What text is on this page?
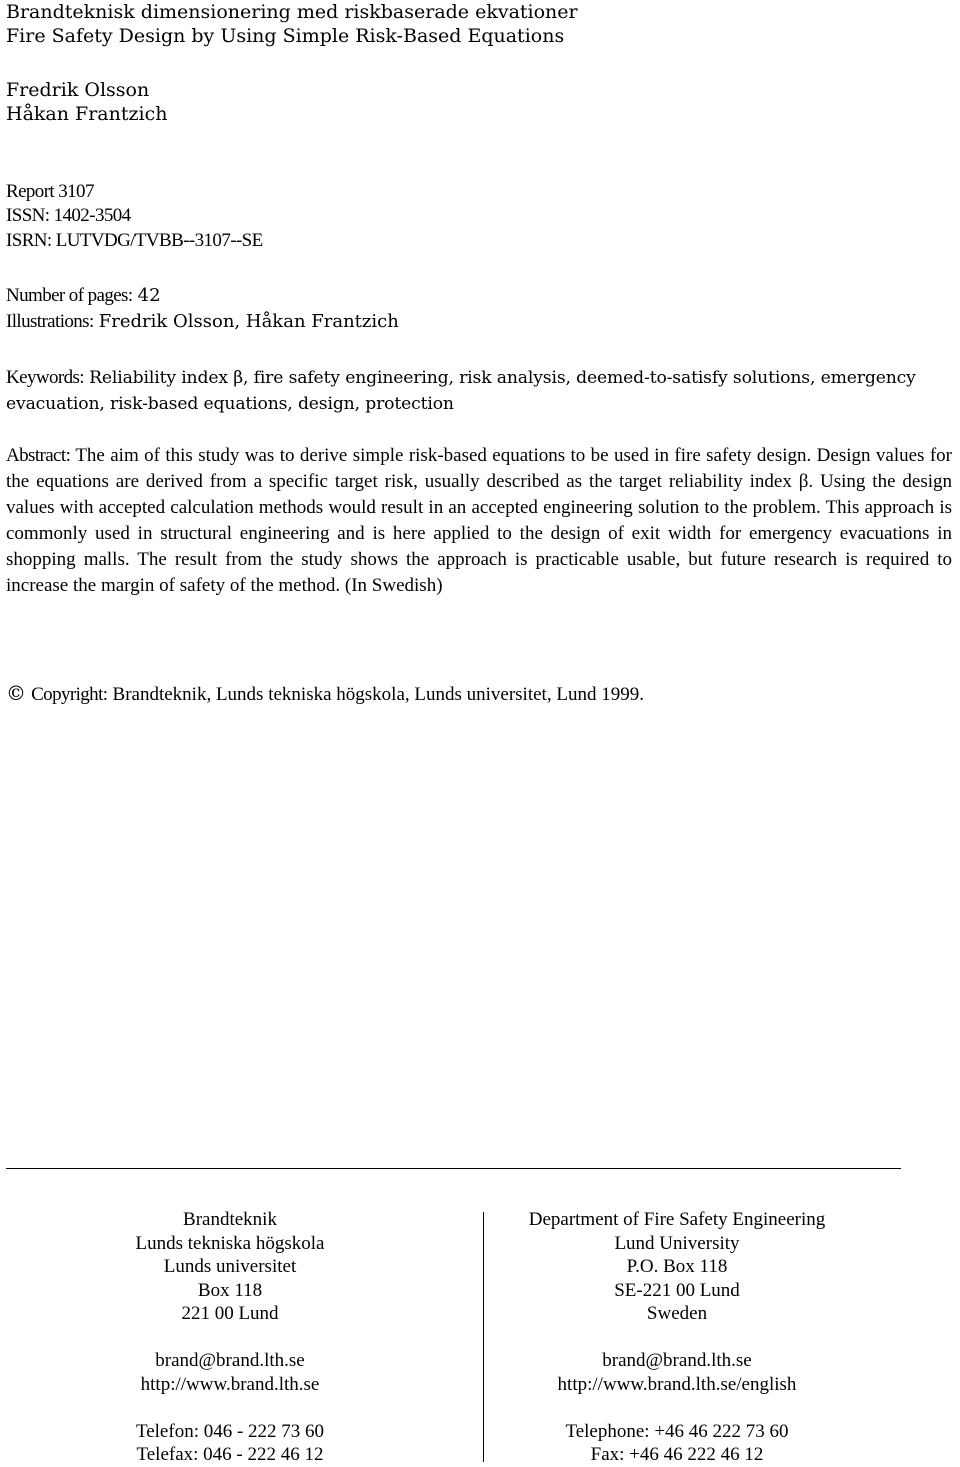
Brandteknisk dimensionering med riskbaserade ekvationer
Fire Safety Design by Using Simple Risk-Based Equations
Fredrik Olsson
Håkan Frantzich
Report 3107
ISSN: 1402-3504
ISRN: LUTVDG/TVBB--3107--SE
Number of pages: 42
Illustrations: Fredrik Olsson, Håkan Frantzich
Keywords: Reliability index β, fire safety engineering, risk analysis, deemed-to-satisfy solutions, emergency
evacuation, risk-based equations, design, protection
Abstract: The aim of this study was to derive simple risk-based equations to be used in fire safety design. Design values for the equations are derived from a specific target risk, usually described as the target reliability index β. Using the design values with accepted calculation methods would result in an accepted engineering solution to the problem. This approach is commonly used in structural engineering and is here applied to the design of exit width for emergency evacuations in shopping malls. The result from the study shows the approach is practicable usable, but future research is required to increase the margin of safety of the method. (In Swedish)
© Copyright: Brandteknik, Lunds tekniska högskola, Lunds universitet, Lund 1999.
Brandteknik
Lunds tekniska högskola
Lunds universitet
Box 118
221 00 Lund
brand@brand.lth.se
http://www.brand.lth.se
Telefon: 046 - 222 73 60
Telefax: 046 - 222 46 12
Department of Fire Safety Engineering
Lund University
P.O. Box 118
SE-221 00 Lund
Sweden
brand@brand.lth.se
http://www.brand.lth.se/english
Telephone: +46 46 222 73 60
Fax: +46 46 222 46 12
